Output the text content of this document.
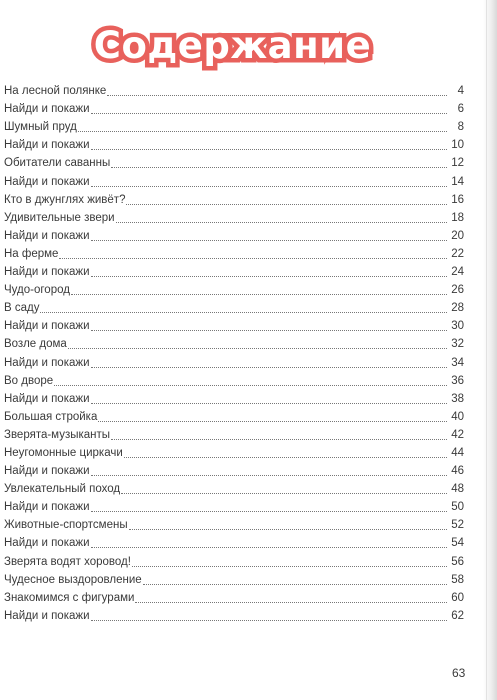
Содержание
На лесной полянке	4
Найди и покажи	6
Шумный пруд	8
Найди и покажи	10
Обитатели саванны	12
Найди и покажи	14
Кто в джунглях живёт?	16
Удивительные звери	18
Найди и покажи	20
На ферме	22
Найди и покажи	24
Чудо-огород	26
В саду	28
Найди и покажи	30
Возле дома	32
Найди и покажи	34
Во дворе	36
Найди и покажи	38
Большая стройка	40
Зверята-музыканты	42
Неугомонные циркачи	44
Найди и покажи	46
Увлекательный поход	48
Найди и покажи	50
Животные-спортсмены	52
Найди и покажи	54
Зверята водят хоровод!	56
Чудесное выздоровление	58
Знакомимся с фигурами	60
Найди и покажи	62
63
